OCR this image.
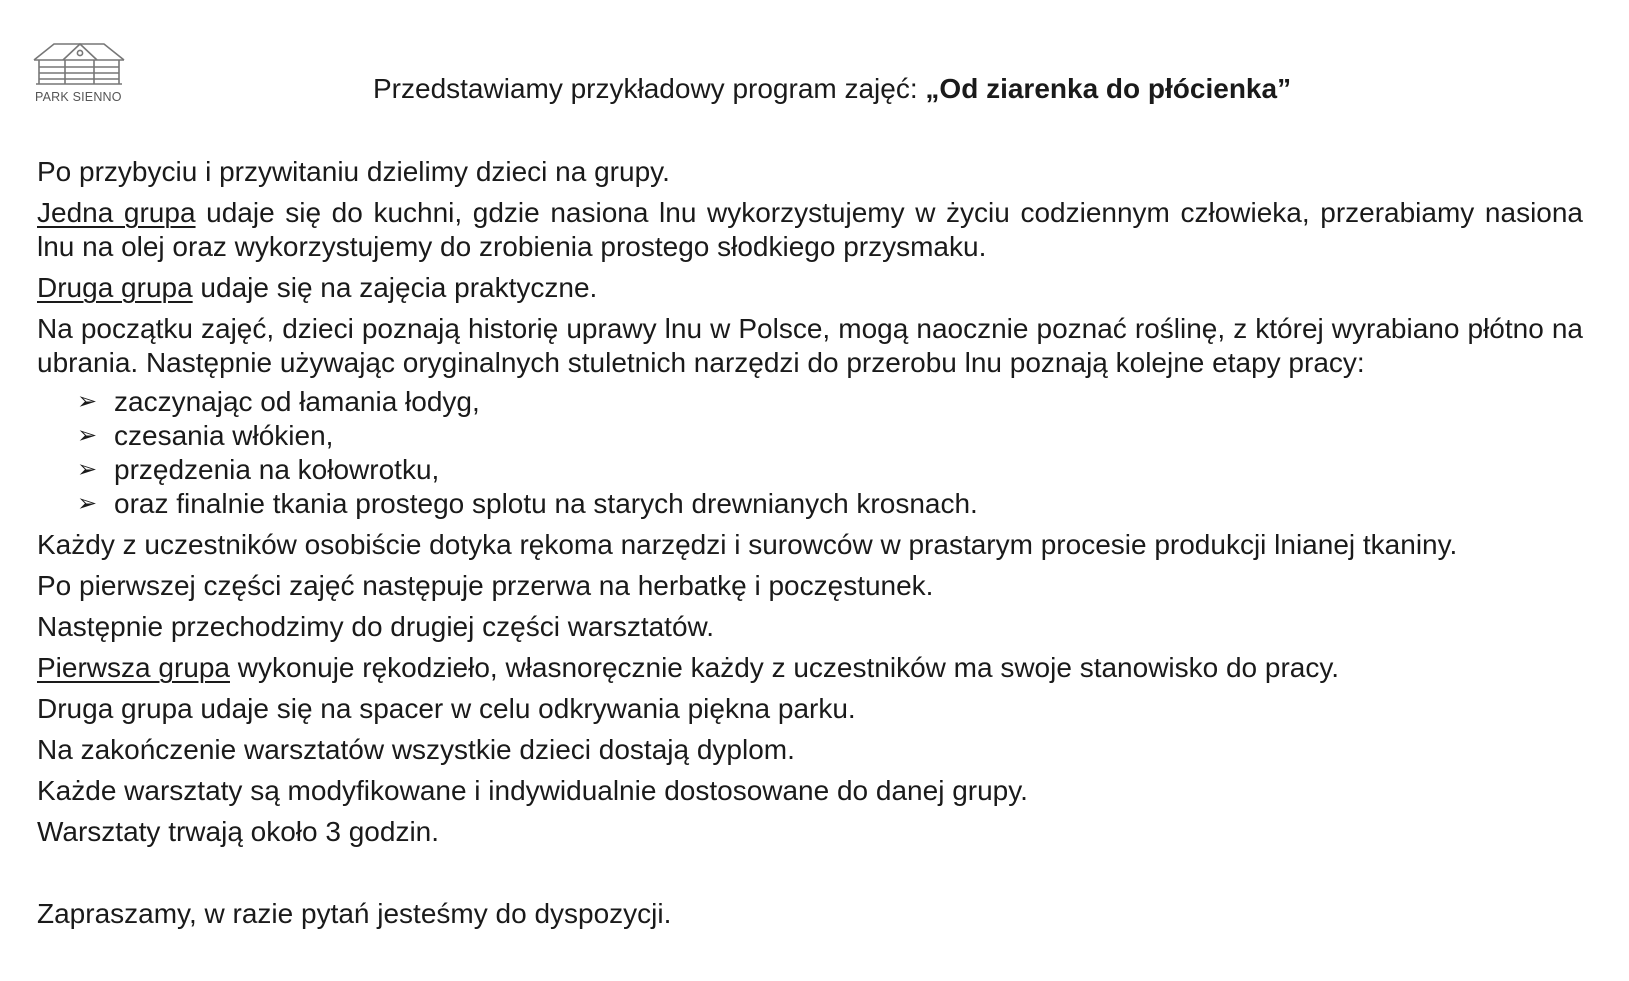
PARK SIENNO	Przedstawiamy przykładowy program zajęć: „Od ziarenka do płócienka”

Po przybyciu i przywitaniu dzielimy dzieci na grupy.

Jedna grupa udaje się do kuchni, gdzie nasiona lnu wykorzystujemy w życiu codziennym człowieka, przerabiamy nasiona lnu na olej oraz wykorzystujemy do zrobienia prostego słodkiego przysmaku.

Druga grupa udaje się na zajęcia praktyczne.

Na początku zajęć, dzieci poznają historię uprawy lnu w Polsce, mogą naocznie poznać roślinę, z której wyrabiano płótno na ubrania. Następnie używając oryginalnych stuletnich narzędzi do przerobu lnu poznają kolejne etapy pracy:

➢ zaczynając od łamania łodyg,
➢ czesania włókien,
➢ przędzenia na kołowrotku,
➢ oraz finalnie tkania prostego splotu na starych drewnianych krosnach.

Każdy z uczestników osobiście dotyka rękoma narzędzi i surowców w prastarym procesie produkcji lnianej tkaniny.

Po pierwszej części zajęć następuje przerwa na herbatkę i poczęstunek.

Następnie przechodzimy do drugiej części warsztatów.

Pierwsza grupa wykonuje rękodzieło, własnoręcznie każdy z uczestników ma swoje stanowisko do pracy.

Druga grupa udaje się na spacer w celu odkrywania piękna parku.

Na zakończenie warsztatów wszystkie dzieci dostają dyplom.

Każde warsztaty są modyfikowane i indywidualnie dostosowane do danej grupy.

Warsztaty trwają około 3 godzin.

Zapraszamy, w razie pytań jesteśmy do dyspozycji.
